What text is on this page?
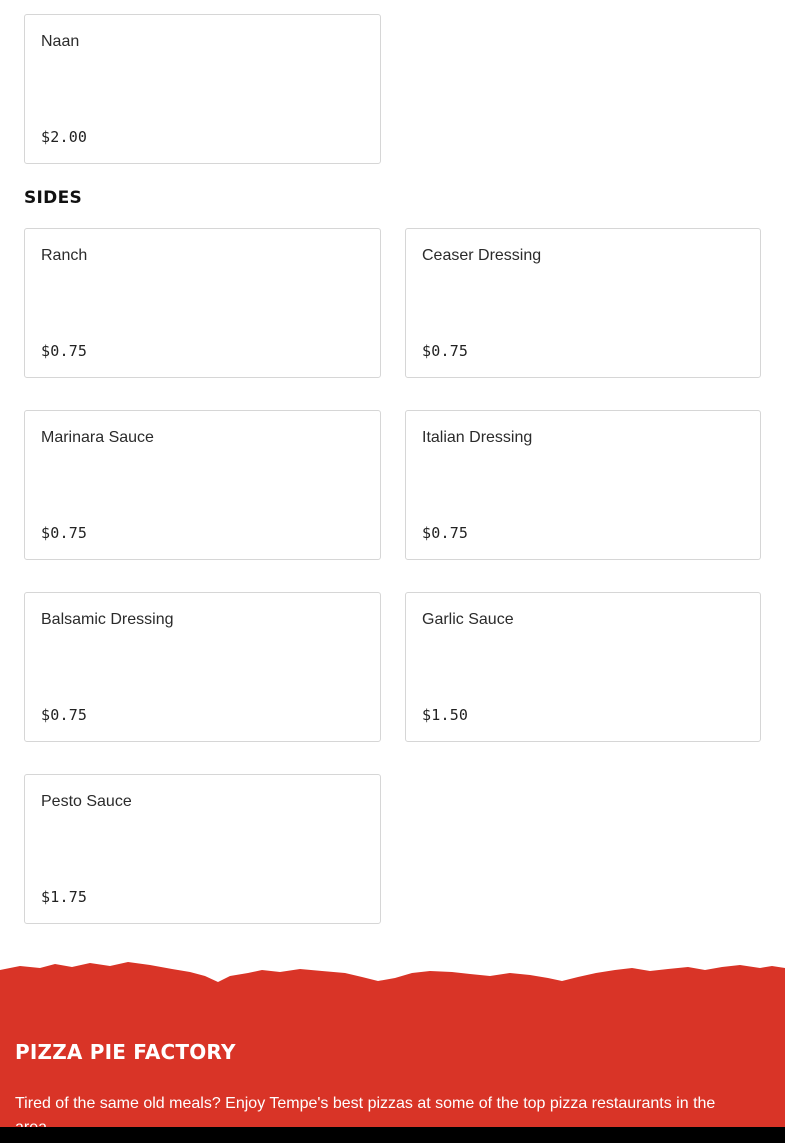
Naan
$2.00
SIDES
Ranch
$0.75
Ceaser Dressing
$0.75
Marinara Sauce
$0.75
Italian Dressing
$0.75
Balsamic Dressing
$0.75
Garlic Sauce
$1.50
Pesto Sauce
$1.75
PIZZA PIE FACTORY

Tired of the same old meals? Enjoy Tempe's best pizzas at some of the top pizza restaurants in the
